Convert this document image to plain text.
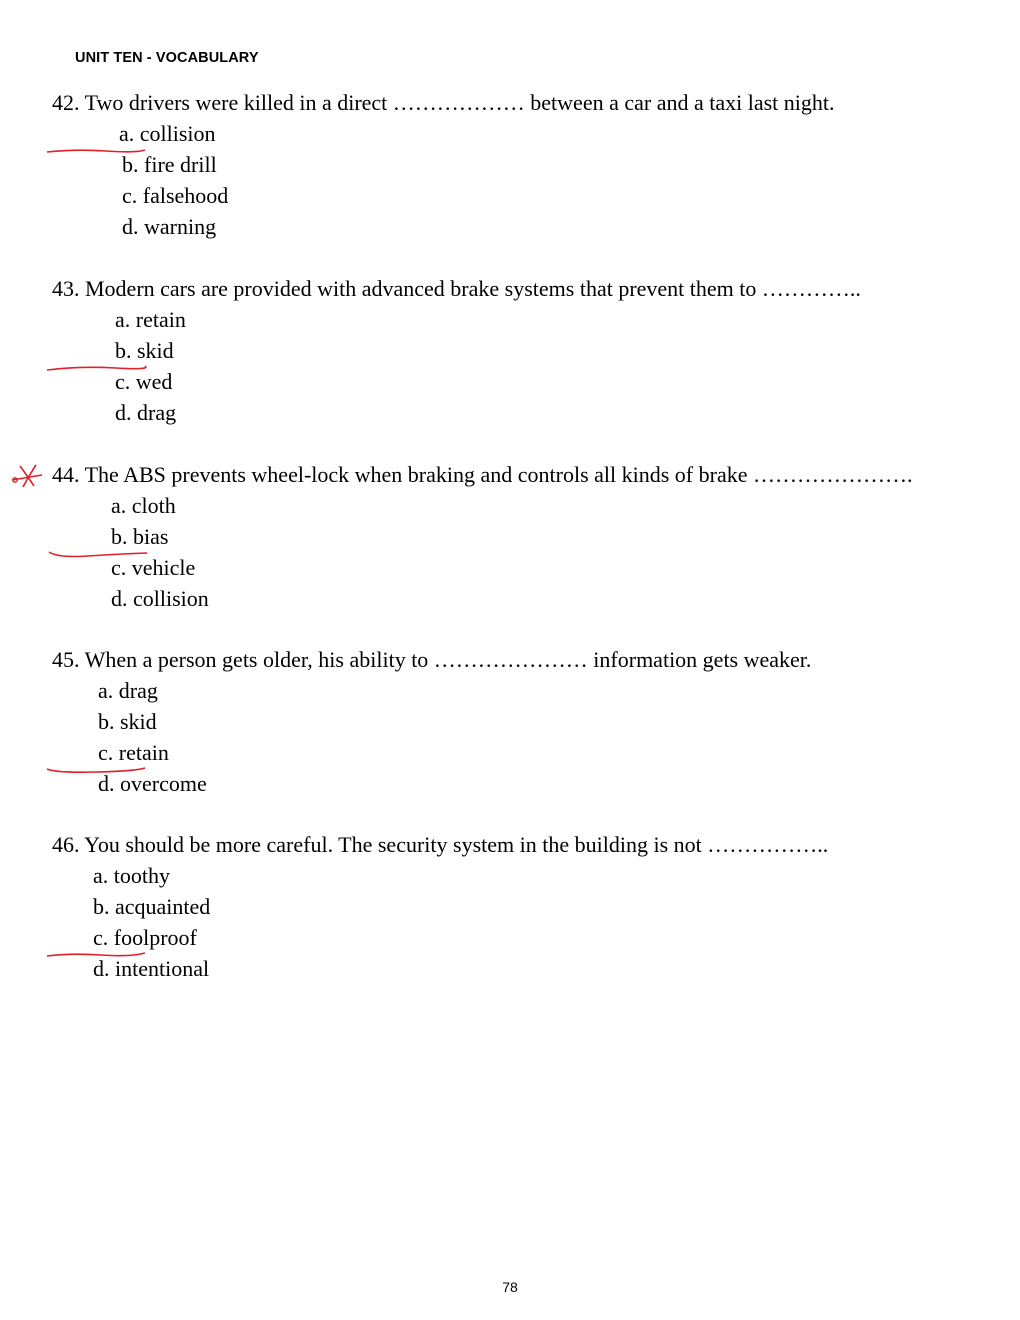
UNIT TEN - VOCABULARY
42. Two drivers were killed in a direct ……………… between a car and a taxi last night.
a. collision
b. fire drill
c. falsehood
d. warning
43. Modern cars are provided with advanced brake systems that prevent them to …………..
a. retain
b. skid
c. wed
d. drag
44. The ABS prevents wheel-lock when braking and controls all kinds of brake ………………….
a. cloth
b. bias
c. vehicle
d. collision
45. When a person gets older, his ability to ………………… information gets weaker.
a. drag
b. skid
c. retain
d. overcome
46. You should be more careful. The security system in the building is not ……………..
a. toothy
b. acquainted
c. foolproof
d. intentional
78
